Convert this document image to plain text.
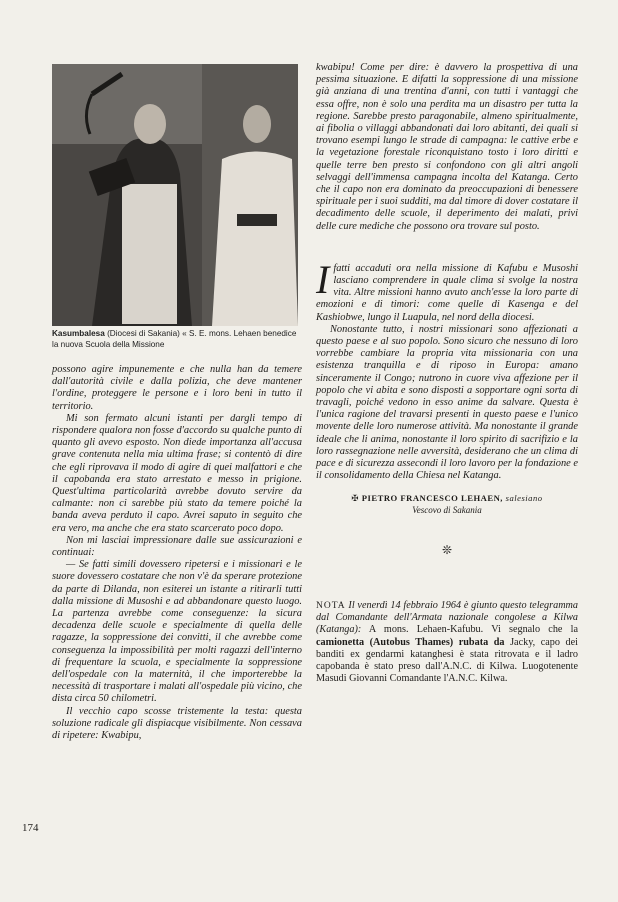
Kasumbalesa (Diocesi di Sakania) « S. E. mons. Lehaen benedice la nuova Scuola della Missione

possono agire impunemente e che nulla han da temere dall'autorità civile e dalla polizia, che deve mantener l'ordine, proteggere le persone e i loro beni in tutto il territorio.

Mi son fermato alcuni istanti per dargli tempo di rispondere qualora non fosse d'accordo su qualche punto di quanto gli avevo esposto. Non diede importanza all'accusa grave contenuta nella mia ultima frase; si contentò di dire che egli riprovava il modo di agire di quei malfattori e che il capobanda era stato arrestato e messo in prigione. Quest'ultima particolarità avrebbe dovuto servire da calmante: non ci sarebbe più stato da temere poiché la banda aveva perduto il capo. Avrei saputo in seguito che era vero, ma anche che era stato scarcerato poco dopo.

Non mi lasciai impressionare dalle sue assicurazioni e continuai:

— Se fatti simili dovessero ripetersi e i missionari e le suore dovessero costatare che non v'è da sperare protezione da parte di Dilanda, non esiterei un istante a ritirarli tutti dalla missione di Musoshi e ad abbandonare questo luogo. La partenza avrebbe come conseguenze: la sicura decadenza delle scuole e specialmente di quella delle ragazze, la soppressione dei convitti, il che avrebbe come conseguenza la impossibilità per molti ragazzi dell'interno di frequentare la scuola, e specialmente la soppressione dell'ospedale con la maternità, il che importerebbe la necessità di trasportare i malati all'ospedale più vicino, che dista circa 50 chilometri.

Il vecchio capo scosse tristemente la testa: questa soluzione radicale gli dispiacque visibilmente. Non cessava di ripetere: Kwabipu,

kwabipu! Come per dire: è davvero la prospettiva di una pessima situazione. E difatti la soppressione di una missione già anziana di una trentina d'anni, con tutti i vantaggi che essa offre, non è solo una perdita ma un disastro per tutta la regione. Sarebbe presto paragonabile, almeno spiritualmente, ai fibolia o villaggi abbandonati dai loro abitanti, dei quali si trovano esempi lungo le strade di campagna: le cattive erbe e la vegetazione forestale riconquistano tosto i loro diritti e quelle terre ben presto si confondono con gli altri angoli selvaggi dell'immensa campagna incolta del Katanga. Certo che il capo non era dominato da preoccupazioni di benessere spirituale per i suoi sudditi, ma dal timore di dover costatare il decadimento delle scuole, il deperimento dei malati, privi delle cure mediche che possono ora trovare sul posto.

I fatti accaduti ora nella missione di Kafubu e Musoshi lasciano comprendere in quale clima si svolge la nostra vita. Altre missioni hanno avuto anch'esse la loro parte di emozioni e di timori: come quelle di Kasenga e del Kashiobwe, lungo il Luapula, nel nord della diocesi.

Nonostante tutto, i nostri missionari sono affezionati a questo paese e al suo popolo. Sono sicuro che nessuno di loro vorrebbe cambiare la propria vita missionaria con una esistenza tranquilla e di riposo in Europa: amano sinceramente il Congo; nutrono in cuore viva affezione per il popolo che vi abita e sono disposti a sopportare ogni sorta di travagli, poiché vedono in esso anime da salvare. Questa è l'unica ragione del travarsi presenti in questo paese e l'unico movente delle loro numerose attività. Ma nonostante il grande ideale che li anima, nonostante il loro spirito di sacrifizio e la loro rassegnazione nelle avversità, desiderano che un clima di pace e di sicurezza assecondi il loro lavoro per la fondazione e il consolidamento della Chiesa nel Katanga.

✠ PIETRO FRANCESCO LEHAEN, salesiano
Vescovo di Sakania
❊

NOTA Il venerdì 14 febbraio 1964 è giunto questo telegramma dal Comandante dell'Armata nazionale congolese a Kilwa (Katanga): A mons. Lehaen-Kafubu. Vi segnalo che la camionetta (Autobus Thames) rubata da Jacky, capo dei banditi ex gendarmi katanghesi è stata ritrovata e il ladro capobanda è stato preso dall'A.N.C. di Kilwa. Luogotenente Masudi Giovanni Comandante l'A.N.C. Kilwa.

174
